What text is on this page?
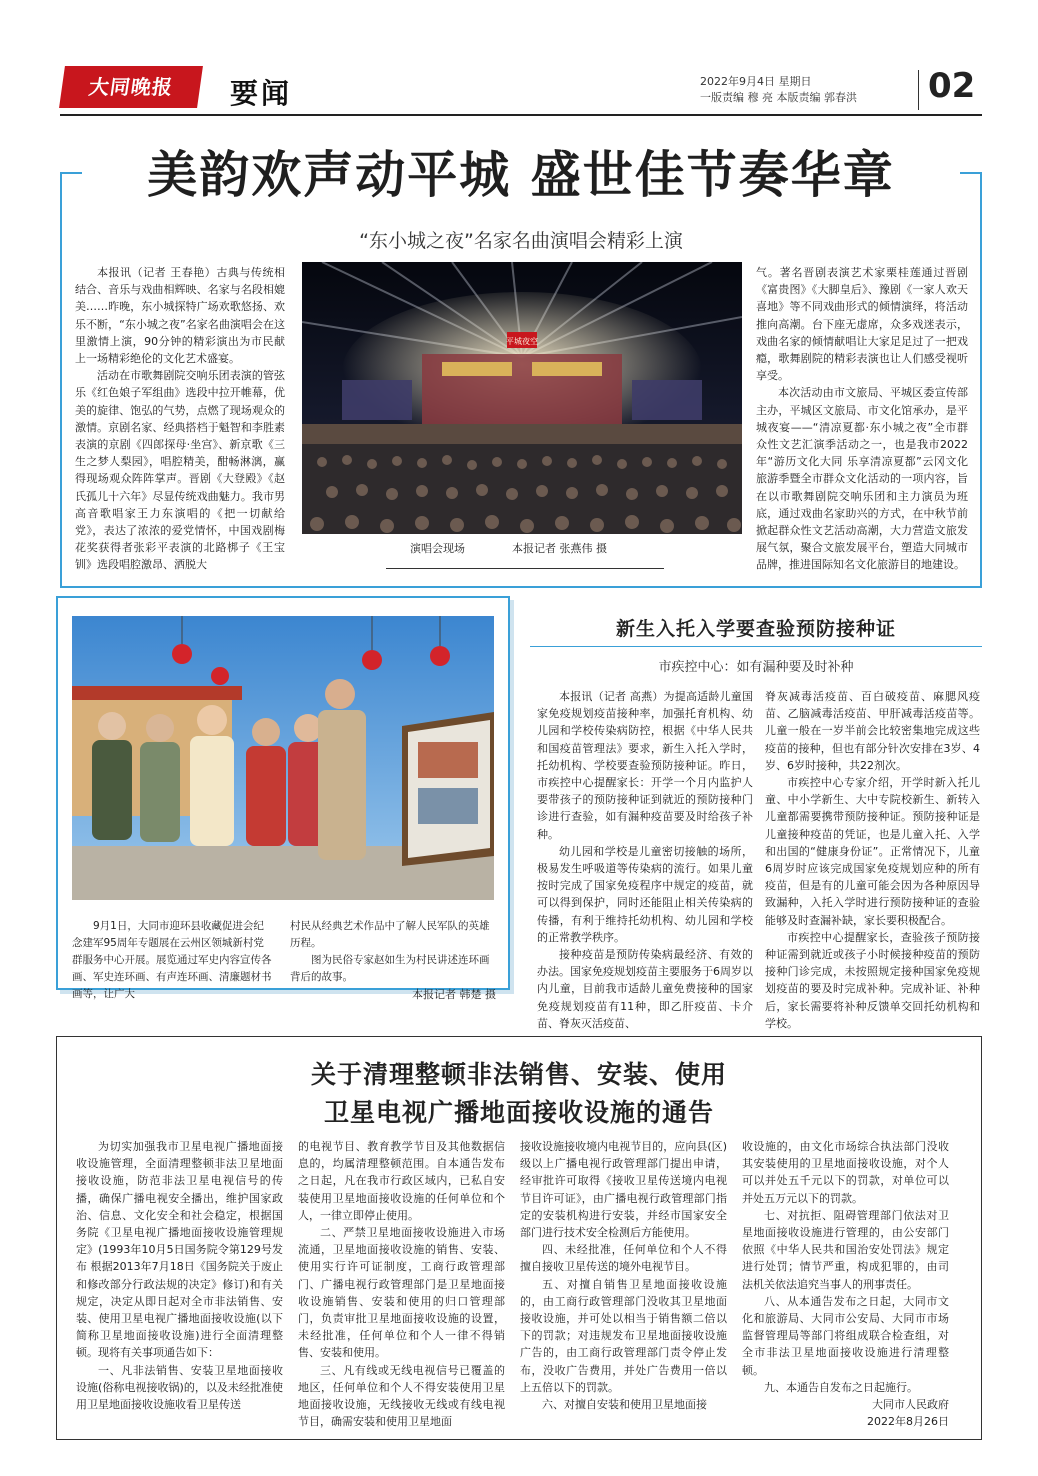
大同晚报	要闻	2022年9月4日 星期日
一版责编 穆 亮 本版责编 郭春洪 02
美韵欢声动平城 盛世佳节奏华章
“东小城之夜”名家名曲演唱会精彩上演

本报讯（记者 王春艳）古典与传统相结合、音乐与戏曲相辉映、名家与名段相媲美……昨晚，东小城探特广场欢歌悠扬、欢乐不断，“东小城之夜”名家名曲演唱会在这里激情上演，90分钟的精彩演出为市民献上一场精彩绝伦的文化艺术盛宴。

活动在市歌舞剧院交响乐团表演的管弦乐《红色娘子军组曲》选段中拉开帷幕，优美的旋律、饱弘的气势，点燃了现场观众的激情。京剧名家、经典搭档于魁智和李胜素表演的京剧《四郎探母·坐宫》、新京歌《三生之梦人梨园》，唱腔精美，酣畅淋漓，赢得现场观众阵阵掌声。晋剧《大登殿》《赵氏孤儿十六年》尽显传统戏曲魅力。我市男高音歌唱家王力东演唱的《把一切献给党》，表达了浓浓的爱党情怀，中国戏剧梅花奖获得者张彩平表演的北路梆子《王宝钏》选段唱腔激昂、洒脱大

平城夜空
演唱会现场	本报记者 张燕伟 摄

气。著名晋剧表演艺术家栗桂莲通过晋剧《富贵图》《大脚皇后》、豫剧《一家人欢天喜地》等不同戏曲形式的倾情演绎，将活动推向高潮。台下座无虚席，众多戏迷表示，戏曲名家的倾情献唱让大家足足过了一把戏瘾，歌舞剧院的精彩表演也让人们感受视听享受。

本次活动由市文旅局、平城区委宣传部主办，平城区文旅局、市文化馆承办，是平城夜宴——“清凉夏都·东小城之夜”全市群众性文艺汇演季活动之一，也是我市2022年“游历文化大同 乐享清凉夏都”云冈文化旅游季暨全市群众文化活动的一项内容，旨在以市歌舞剧院交响乐团和主力演员为班底，通过戏曲名家助兴的方式，在中秋节前掀起群众性文艺活动高潮，大力营造文旅发展气氛，聚合文旅发展平台，塑造大同城市品牌，推进国际知名文化旅游目的地建设。

9月1日，大同市迎环县收藏促进会纪念建军95周年专题展在云州区领城新村党群服务中心开展。展览通过军史内容宣传各画、军史连环画、有声连环画、清廉题材书画等，让广大
村民从经典艺术作品中了解人民军队的英雄历程。
图为民俗专家赵如生为村民讲述连环画背后的故事。
本报记者 韩楚 摄
新生入托入学要查验预防接种证
市疾控中心：如有漏种要及时补种

本报讯（记者 高燕）为提高适龄儿童国家免疫规划疫苗接种率，加强托育机构、幼儿园和学校传染病防控，根据《中华人民共和国疫苗管理法》要求，新生入托入学时，托幼机构、学校要查验预防接种证。昨日，市疾控中心提醒家长：开学一个月内监护人要带孩子的预防接种证到就近的预防接种门诊进行查验，如有漏种疫苗要及时给孩子补种。

幼儿园和学校是儿童密切接触的场所，极易发生呼吸道等传染病的流行。如果儿童按时完成了国家免疫程序中规定的疫苗，就可以得到保护，同时还能阻止相关传染病的传播，有利于维持托幼机构、幼儿园和学校的正常教学秩序。

接种疫苗是预防传染病最经济、有效的办法。国家免疫规划疫苗主要服务于6周岁以内儿童，目前我市适龄儿童免费接种的国家免疫规划疫苗有11种，即乙肝疫苗、卡介苗、脊灰灭活疫苗、

脊灰减毒活疫苗、百白破疫苗、麻腮风疫苗、乙脑减毒活疫苗、甲肝减毒活疫苗等。儿童一般在一岁半前会比较密集地完成这些疫苗的接种，但也有部分针次安排在3岁、4岁、6岁时接种，共22剂次。

市疾控中心专家介绍，开学时新入托儿童、中小学新生、大中专院校新生、新转入儿童都需要携带预防接种证。预防接种证是儿童接种疫苗的凭证，也是儿童入托、入学和出国的“健康身份证”。正常情况下，儿童6周岁时应该完成国家免疫规划应种的所有疫苗，但是有的儿童可能会因为各种原因导致漏种，入托入学时进行预防接种证的查验能够及时查漏补缺，家长要积极配合。

市疾控中心提醒家长，查验孩子预防接种证需到就近或孩子小时候接种疫苗的预防接种门诊完成，未按照规定接种国家免疫规划疫苗的要及时完成补种。完成补证、补种后，家长需要将补种反馈单交回托幼机构和学校。

关于清理整顿非法销售、安装、使用
卫星电视广播地面接收设施的通告

为切实加强我市卫星电视广播地面接收设施管理，全面清理整顿非法卫星地面接收设施，防范非法卫星电视信号的传播，确保广播电视安全播出，维护国家政治、信息、文化安全和社会稳定，根据国务院《卫星电视广播地面接收设施管理规定》(1993年10月5日国务院令第129号发布 根据2013年7月18日《国务院关于废止和修改部分行政法规的决定》修订)和有关规定，决定从即日起对全市非法销售、安装、使用卫星电视广播地面接收设施(以下简称卫星地面接收设施)进行全面清理整顿。现将有关事项通告如下：

一、凡非法销售、安装卫星地面接收设施(俗称电视接收锅)的，以及未经批准使用卫星地面接收设施收看卫星传送

的电视节目、教育教学节目及其他数据信息的，均属清理整顿范围。自本通告发布之日起，凡在我市行政区域内，已私自安装使用卫星地面接收设施的任何单位和个人，一律立即停止使用。

二、严禁卫星地面接收设施进入市场流通，卫星地面接收设施的销售、安装、使用实行许可证制度，工商行政管理部门、广播电视行政管理部门是卫星地面接收设施销售、安装和使用的归口管理部门，负责审批卫星地面接收设施的设置，未经批准，任何单位和个人一律不得销售、安装和使用。

三、凡有线或无线电视信号已覆盖的地区，任何单位和个人不得安装使用卫星地面接收设施，无线接收无线或有线电视节目，确需安装和使用卫星地面

接收设施接收境内电视节目的，应向县(区)级以上广播电视行政管理部门提出申请，经审批许可取得《接收卫星传送境内电视节目许可证》，由广播电视行政管理部门指定的安装机构进行安装，并经市国家安全部门进行技术安全检测后方能使用。

四、未经批准，任何单位和个人不得擅自接收卫星传送的境外电视节目。

五、对擅自销售卫星地面接收设施的，由工商行政管理部门没收其卫星地面接收设施，并可处以相当于销售额二倍以下的罚款；对违规发布卫星地面接收设施广告的，由工商行政管理部门责令停止发布，没收广告费用，并处广告费用一倍以上五倍以下的罚款。

六、对擅自安装和使用卫星地面接

收设施的，由文化市场综合执法部门没收其安装使用的卫星地面接收设施，对个人可以并处五千元以下的罚款，对单位可以并处五万元以下的罚款。

七、对抗拒、阻碍管理部门依法对卫星地面接收设施进行管理的，由公安部门依照《中华人民共和国治安处罚法》规定进行处罚；情节严重，构成犯罪的，由司法机关依法追究当事人的刑事责任。

八、从本通告发布之日起，大同市文化和旅游局、大同市公安局、大同市市场监督管理局等部门将组成联合检查组，对全市非法卫星地面接收设施进行清理整顿。

九、本通告自发布之日起施行。

大同市人民政府
2022年8月26日
